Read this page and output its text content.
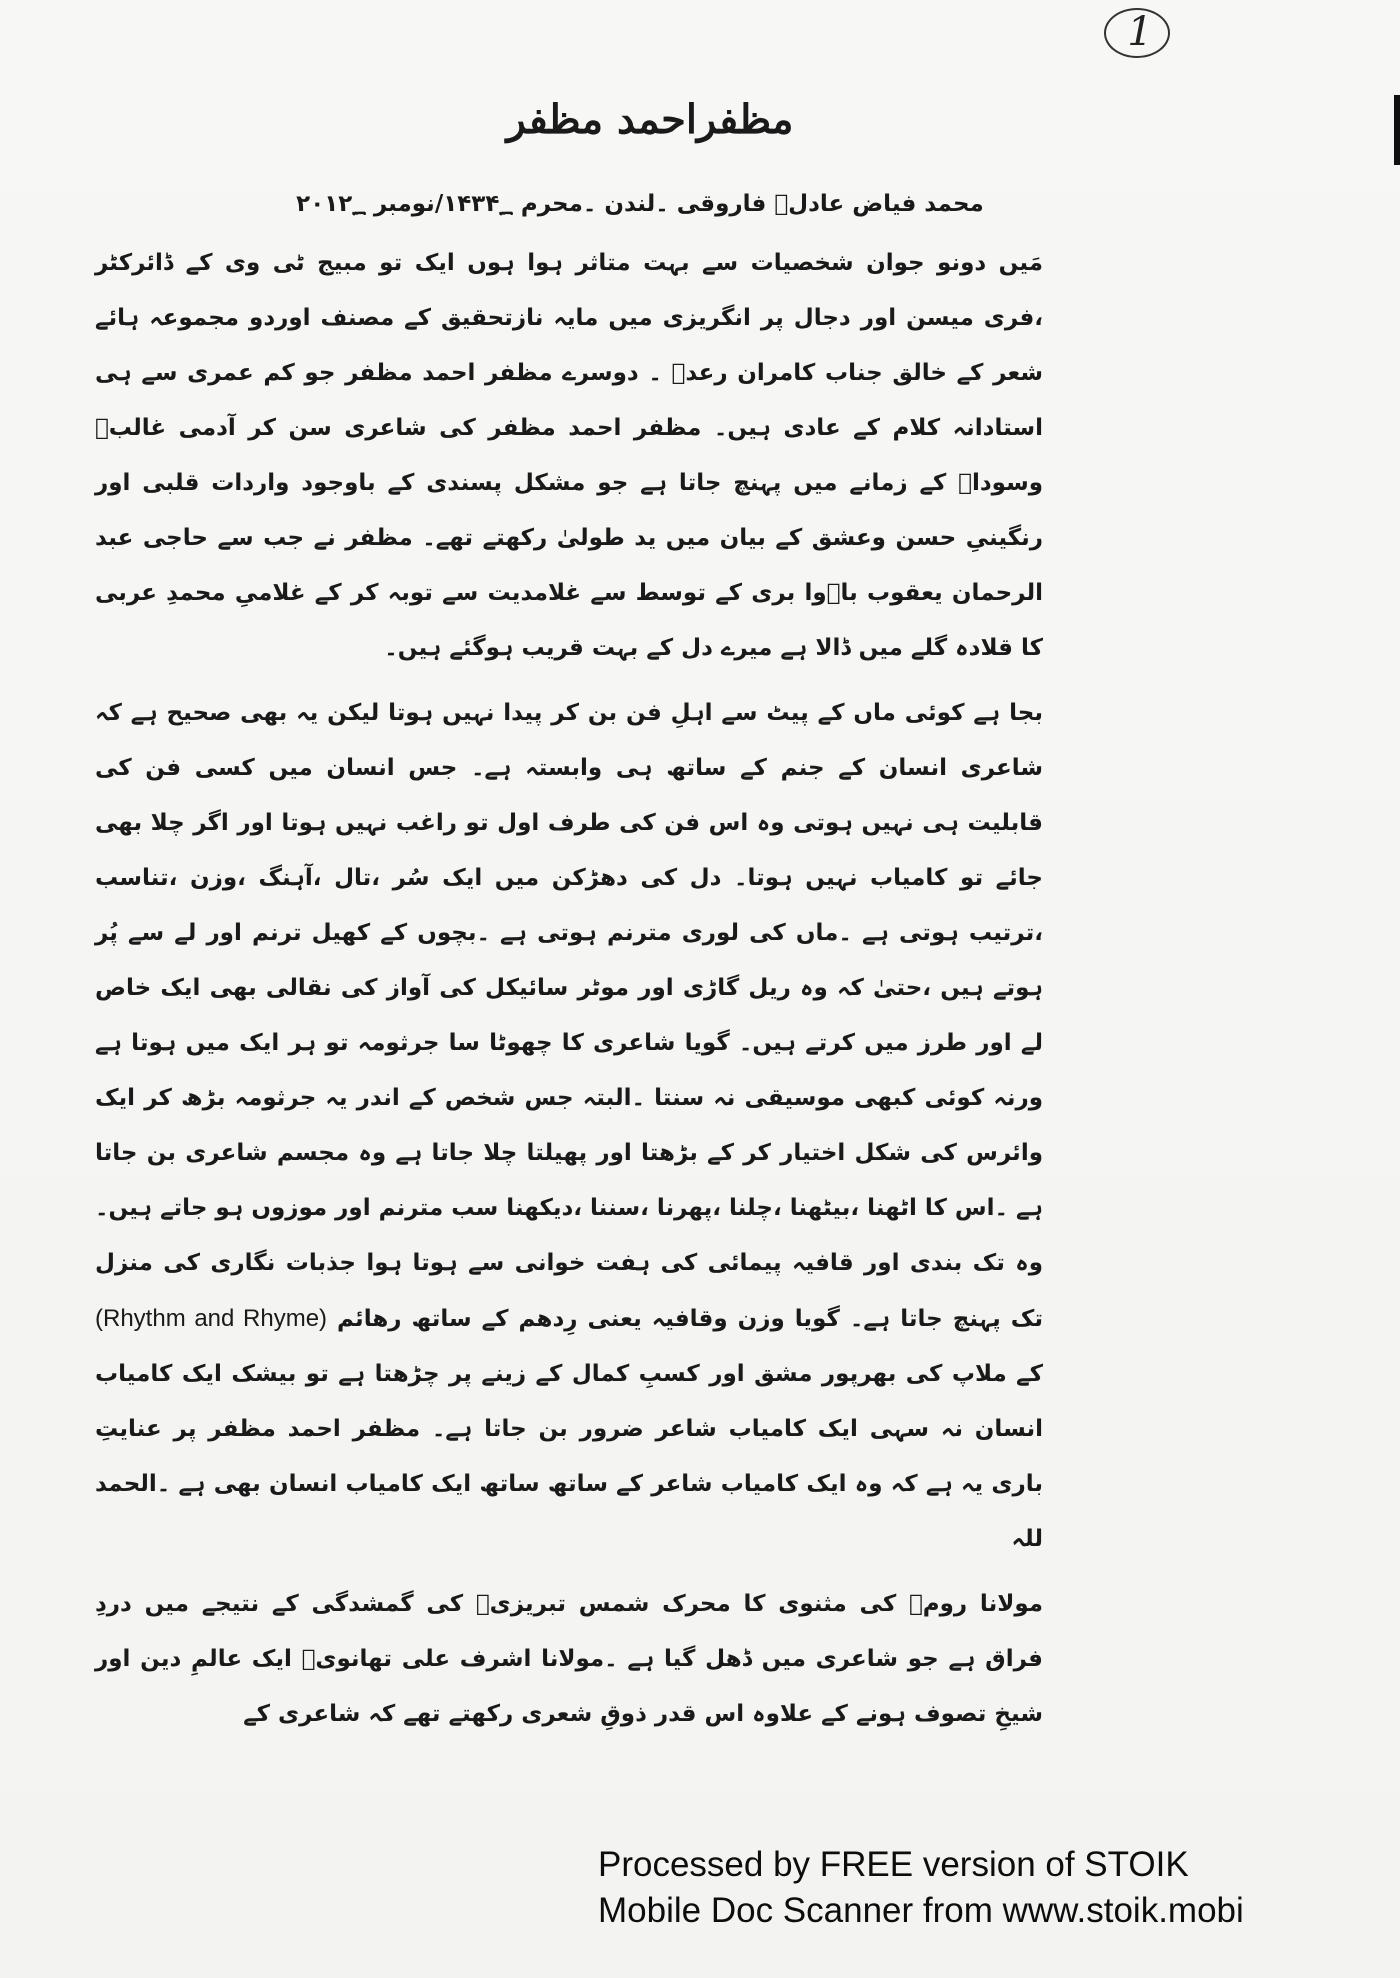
1
مظفراحمد مظفر
محمد فیاض عادلؔ فاروقی ۔لندن ۔محرم ۱۴۳۴؁/نومبر ۲۰۱۲؁

مَیں دونو جوان شخصیات سے بہت متاثر ہوا ہوں ایک تو مبیج ٹی وی کے ڈائرکٹر ،فری میسن اور دجال پر انگریزی میں مایہ نازتحقیق کے مصنف اوردو مجموعہ ہائے شعر کے خالق جناب کامران رعدؔ ۔ دوسرے مظفر احمد مظفر جو کم عمری سے ہی استادانہ کلام کے عادی ہیں۔ مظفر احمد مظفر کی شاعری سن کر آدمی غالبؔ وسوداؔ کے زمانے میں پہنچ جاتا ہے جو مشکل پسندی کے باوجود واردات قلبی اور رنگینیِ حسن وعشق کے بیان میں ید طولیٰ رکھتے تھے۔ مظفر نے جب سے حاجی عبد الرحمان یعقوب باؔوا بری کے توسط سے غلامدیت سے توبہ کر کے غلامیِ محمدِ عربی کا قلادہ گلے میں ڈالا ہے میرے دل کے بہت قریب ہوگئے ہیں۔

بجا ہے کوئی ماں کے پیٹ سے اہلِ فن بن کر پیدا نہیں ہوتا لیکن یہ بھی صحیح ہے کہ شاعری انسان کے جنم کے ساتھ ہی وابستہ ہے۔ جس انسان میں کسی فن کی قابلیت ہی نہیں ہوتی وہ اس فن کی طرف اول تو راغب نہیں ہوتا اور اگر چلا بھی جائے تو کامیاب نہیں ہوتا۔ دل کی دھڑکن میں ایک سُر ،تال ،آہنگ ،وزن ،تناسب ،ترتیب ہوتی ہے ۔ماں کی لوری مترنم ہوتی ہے ۔بچوں کے کھیل ترنم اور لے سے پُر ہوتے ہیں ،حتیٰ کہ وہ ریل گاڑی اور موٹر سائیکل کی آواز کی نقالی بھی ایک خاص لے اور طرز میں کرتے ہیں۔ گویا شاعری کا چھوٹا سا جرثومہ تو ہر ایک میں ہوتا ہے ورنہ کوئی کبھی موسیقی نہ سنتا ۔البتہ جس شخص کے اندر یہ جرثومہ بڑھ کر ایک وائرس کی شکل اختیار کر کے بڑھتا اور پھیلتا چلا جاتا ہے وہ مجسم شاعری بن جاتا ہے ۔اس کا اٹھنا ،بیٹھنا ،چلنا ،پھرنا ،سننا ،دیکھنا سب مترنم اور موزوں ہو جاتے ہیں۔ وہ تک بندی اور قافیہ پیمائی کی ہفت خوانی سے ہوتا ہوا جذبات نگاری کی منزل تک پہنچ جاتا ہے۔ گویا وزن وقافیہ یعنی رِدھم کے ساتھ رھائم (Rhythm and Rhyme) کے ملاپ کی بھرپور مشق اور کسبِ کمال کے زینے پر چڑھتا ہے تو بیشک ایک کامیاب انسان نہ سہی ایک کامیاب شاعر ضرور بن جاتا ہے۔ مظفر احمد مظفر پر عنایتِ باری یہ ہے کہ وہ ایک کامیاب شاعر کے ساتھ ساتھ ایک کامیاب انسان بھی ہے ۔الحمد للہ

مولانا رومؒ کی مثنوی کا محرک شمس تبریزیؒ کی گمشدگی کے نتیجے میں دردِ فراق ہے جو شاعری میں ڈھل گیا ہے ۔مولانا اشرف علی تھانویؒ ایک عالمِ دین اور شیخِ تصوف ہونے کے علاوہ اس قدر ذوقِ شعری رکھتے تھے کہ شاعری کے

Processed by FREE version of STOIK
Mobile Doc Scanner from www.stoik.mobi
